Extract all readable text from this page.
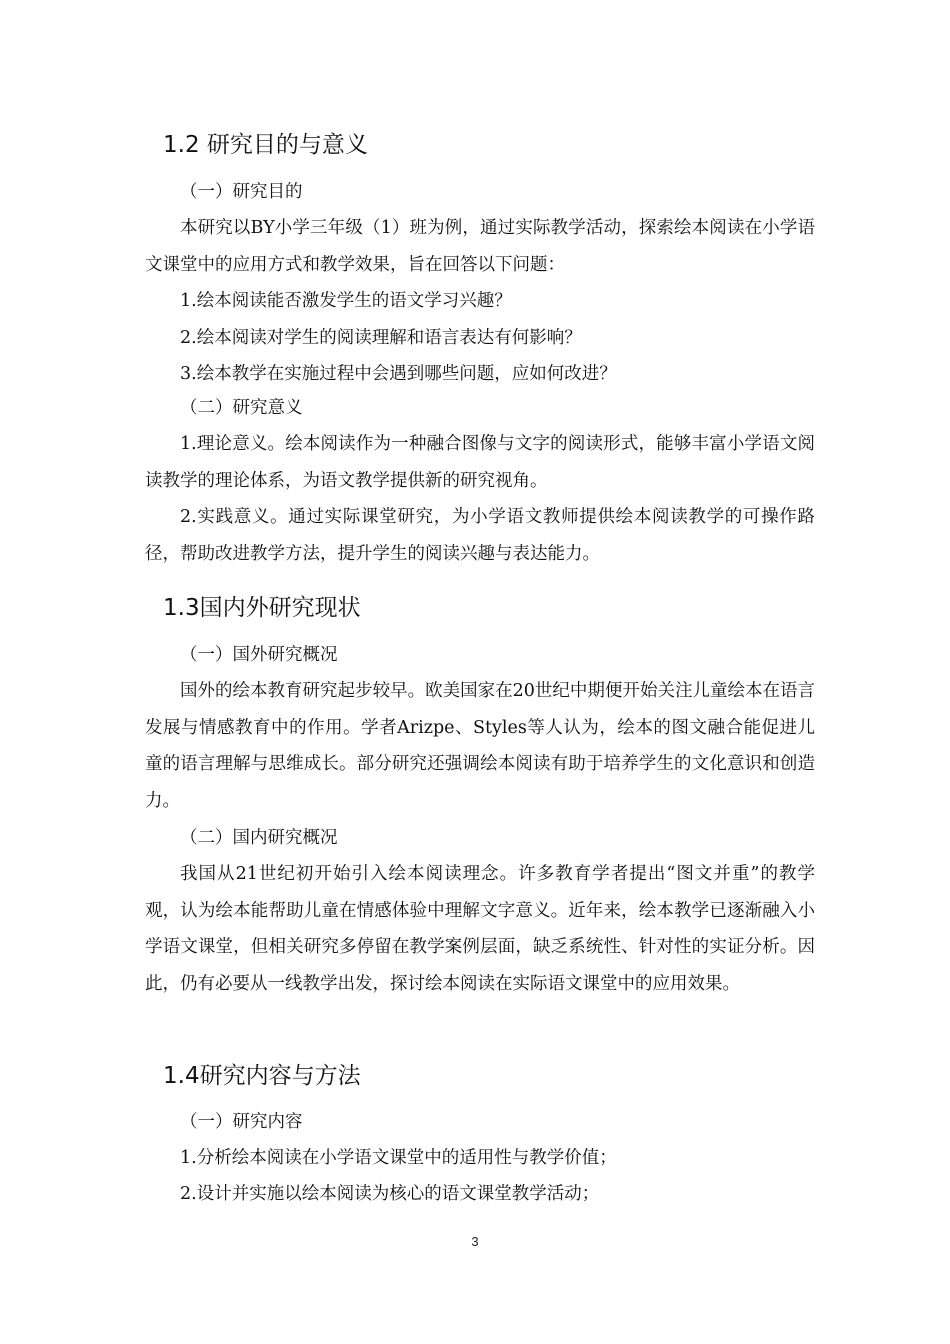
1.2 研究目的与意义

（一）研究目的

本研究以BY小学三年级（1）班为例，通过实际教学活动，探索绘本阅读在小学语文课堂中的应用方式和教学效果，旨在回答以下问题：

1.绘本阅读能否激发学生的语文学习兴趣？

2.绘本阅读对学生的阅读理解和语言表达有何影响？

3.绘本教学在实施过程中会遇到哪些问题，应如何改进？

（二）研究意义

1.理论意义。绘本阅读作为一种融合图像与文字的阅读形式，能够丰富小学语文阅读教学的理论体系，为语文教学提供新的研究视角。

2.实践意义。通过实际课堂研究，为小学语文教师提供绘本阅读教学的可操作路径，帮助改进教学方法，提升学生的阅读兴趣与表达能力。

1.3国内外研究现状

（一）国外研究概况

国外的绘本教育研究起步较早。欧美国家在20世纪中期便开始关注儿童绘本在语言发展与情感教育中的作用。学者Arizpe、Styles等人认为，绘本的图文融合能促进儿童的语言理解与思维成长。部分研究还强调绘本阅读有助于培养学生的文化意识和创造力。

（二）国内研究概况

我国从21世纪初开始引入绘本阅读理念。许多教育学者提出“图文并重”的教学观，认为绘本能帮助儿童在情感体验中理解文字意义。近年来，绘本教学已逐渐融入小学语文课堂，但相关研究多停留在教学案例层面，缺乏系统性、针对性的实证分析。因此，仍有必要从一线教学出发，探讨绘本阅读在实际语文课堂中的应用效果。

1.4研究内容与方法

（一）研究内容

1.分析绘本阅读在小学语文课堂中的适用性与教学价值；

2.设计并实施以绘本阅读为核心的语文课堂教学活动；

3
